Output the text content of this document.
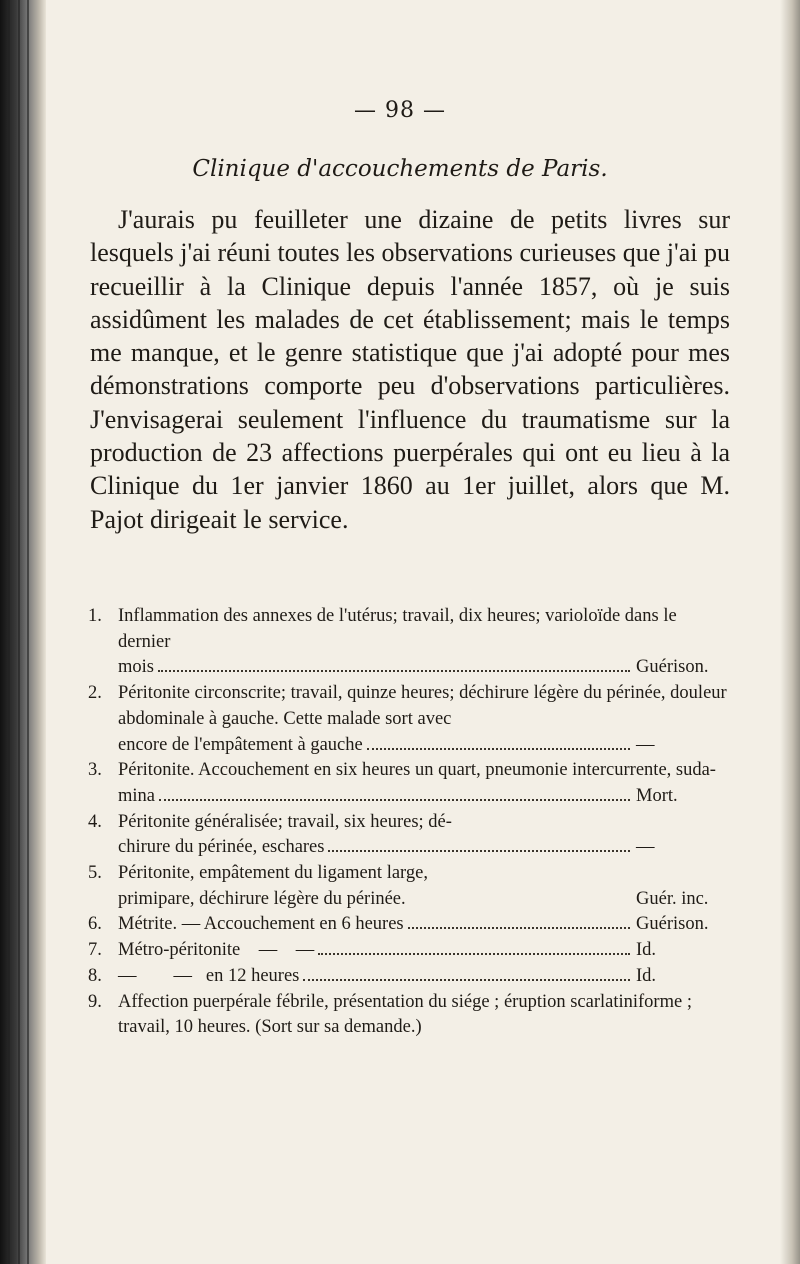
— 98 —
Clinique d'accouchements de Paris.

J'aurais pu feuilleter une dizaine de petits livres sur lesquels j'ai réuni toutes les observations curieuses que j'ai pu recueillir à la Clinique depuis l'année 1857, où je suis assidûment les malades de cet établissement; mais le temps me manque, et le genre statistique que j'ai adopté pour mes démonstrations comporte peu d'observations particulières. J'envisagerai seulement l'influence du traumatisme sur la production de 23 affections puerpérales qui ont eu lieu à la Clinique du 1er janvier 1860 au 1er juillet, alors que M. Pajot dirigeait le service.

1. Inflammation des annexes de l'utérus; travail, dix heures; varioloïde dans le dernier
mois	Guérison.
2. Péritonite circonscrite; travail, quinze heures; déchirure légère du périnée, douleur abdominale à gauche. Cette malade sort avec
encore de l'empâtement à gauche	—
3. Péritonite. Accouchement en six heures un quart, pneumonie intercurrente, suda-
mina	Mort.
4. Péritonite généralisée; travail, six heures; dé-
chirure du périnée, eschares	—
5. Péritonite, empâtement du ligament large,
primipare, déchirure légère du périnée.	Guér. inc.
6. Métrite. — Accouchement en 6 heures	Guérison.
7. Métro-péritonite    —    —	Id.
8. —        —   en 12 heures	Id.
9. Affection puerpérale fébrile, présentation du siége ; éruption scarlatiniforme ; travail, 10 heures. (Sort sur sa demande.)
